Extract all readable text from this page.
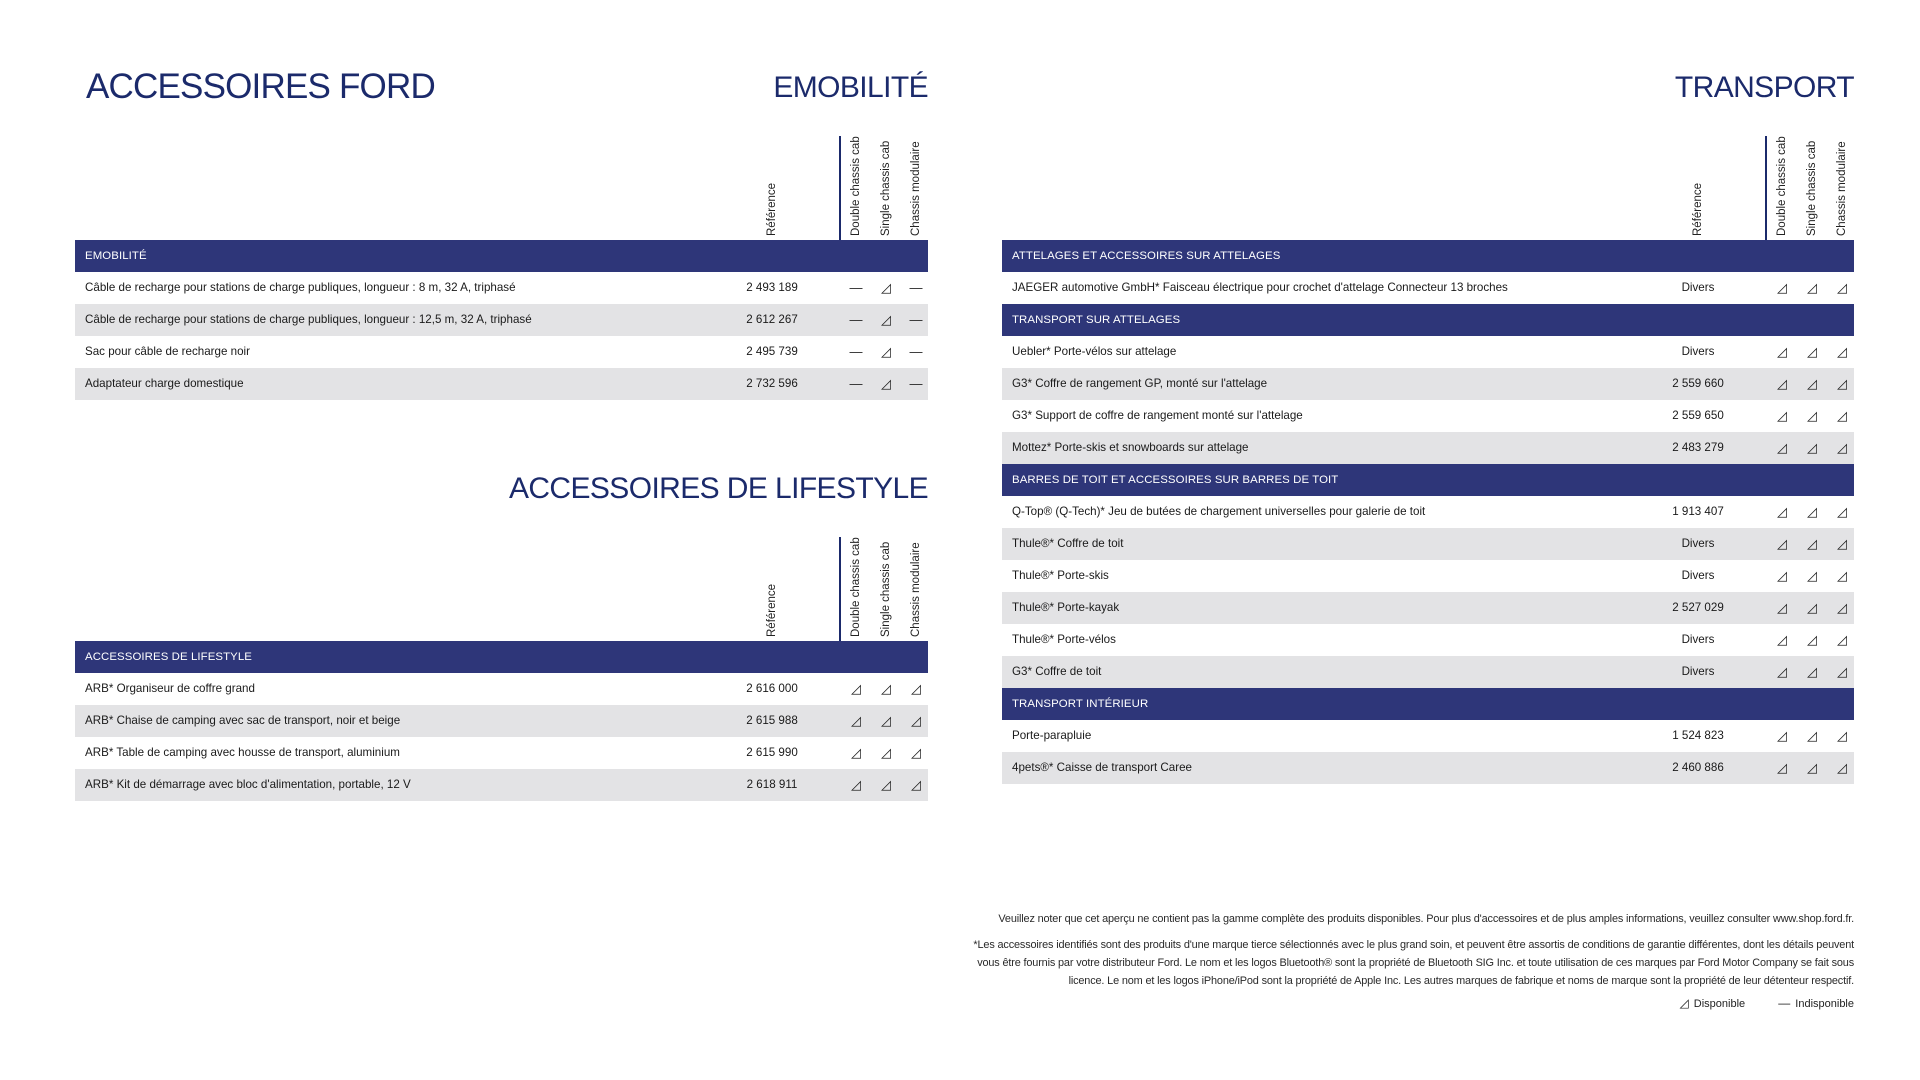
ACCESSOIRES FORD	EMOBILITÉ
ACCESSOIRES DE LIFESTYLE
TRANSPORT
Référence	Double chassis cab Single chassis cab Chassis modulaire
EMOBILITÉ
Câble de recharge pour stations de charge publiques, longueur : 8 m, 32 A, triphasé	2 493 189	—	◿	—
Câble de recharge pour stations de charge publiques, longueur : 12,5 m, 32 A, triphasé	2 612 267	—	◿	—
Sac pour câble de recharge noir	2 495 739	—	◿	—
Adaptateur charge domestique	2 732 596	—	◿	—
Référence	Double chassis cab Single chassis cab Chassis modulaire
ACCESSOIRES DE LIFESTYLE
ARB* Organiseur de coffre grand	2 616 000	◿	◿	◿
ARB* Chaise de camping avec sac de transport, noir et beige	2 615 988	◿	◿	◿
ARB* Table de camping avec housse de transport, aluminium	2 615 990	◿	◿	◿
ARB* Kit de démarrage avec bloc d'alimentation, portable, 12 V	2 618 911	◿	◿	◿
Référence	Double chassis cab Single chassis cab Chassis modulaire
ATTELAGES ET ACCESSOIRES SUR ATTELAGES
JAEGER automotive GmbH* Faisceau électrique pour crochet d'attelage Connecteur 13 broches	Divers	◿	◿	◿
TRANSPORT SUR ATTELAGES
Uebler* Porte-vélos sur attelage	Divers	◿	◿	◿
G3* Coffre de rangement GP, monté sur l'attelage	2 559 660	◿	◿	◿
G3* Support de coffre de rangement monté sur l'attelage	2 559 650	◿	◿	◿
Mottez* Porte-skis et snowboards sur attelage	2 483 279	◿	◿	◿
BARRES DE TOIT ET ACCESSOIRES SUR BARRES DE TOIT
Q-Top® (Q-Tech)* Jeu de butées de chargement universelles pour galerie de toit	1 913 407	◿	◿	◿
Thule®* Coffre de toit	Divers	◿	◿	◿
Thule®* Porte-skis	Divers	◿	◿	◿
Thule®* Porte-kayak	2 527 029	◿	◿	◿
Thule®* Porte-vélos	Divers	◿	◿	◿
G3* Coffre de toit	Divers	◿	◿	◿
TRANSPORT INTÉRIEUR
Porte-parapluie	1 524 823	◿	◿	◿
4pets®* Caisse de transport Caree	2 460 886	◿	◿	◿
Veuillez noter que cet aperçu ne contient pas la gamme complète des produits disponibles. Pour plus d'accessoires et de plus amples informations, veuillez consulter www.shop.ford.fr.
*Les accessoires identifiés sont des produits d'une marque tierce sélectionnés avec le plus grand soin, et peuvent être assortis de conditions de garantie différentes, dont les détails peuvent
vous être fournis par votre distributeur Ford. Le nom et les logos Bluetooth® sont la propriété de Bluetooth SIG Inc. et toute utilisation de ces marques par Ford Motor Company se fait sous
licence. Le nom et les logos iPhone/iPod sont la propriété de Apple Inc. Les autres marques de fabrique et noms de marque sont la propriété de leur détenteur respectif.
◿ Disponible	— Indisponible
